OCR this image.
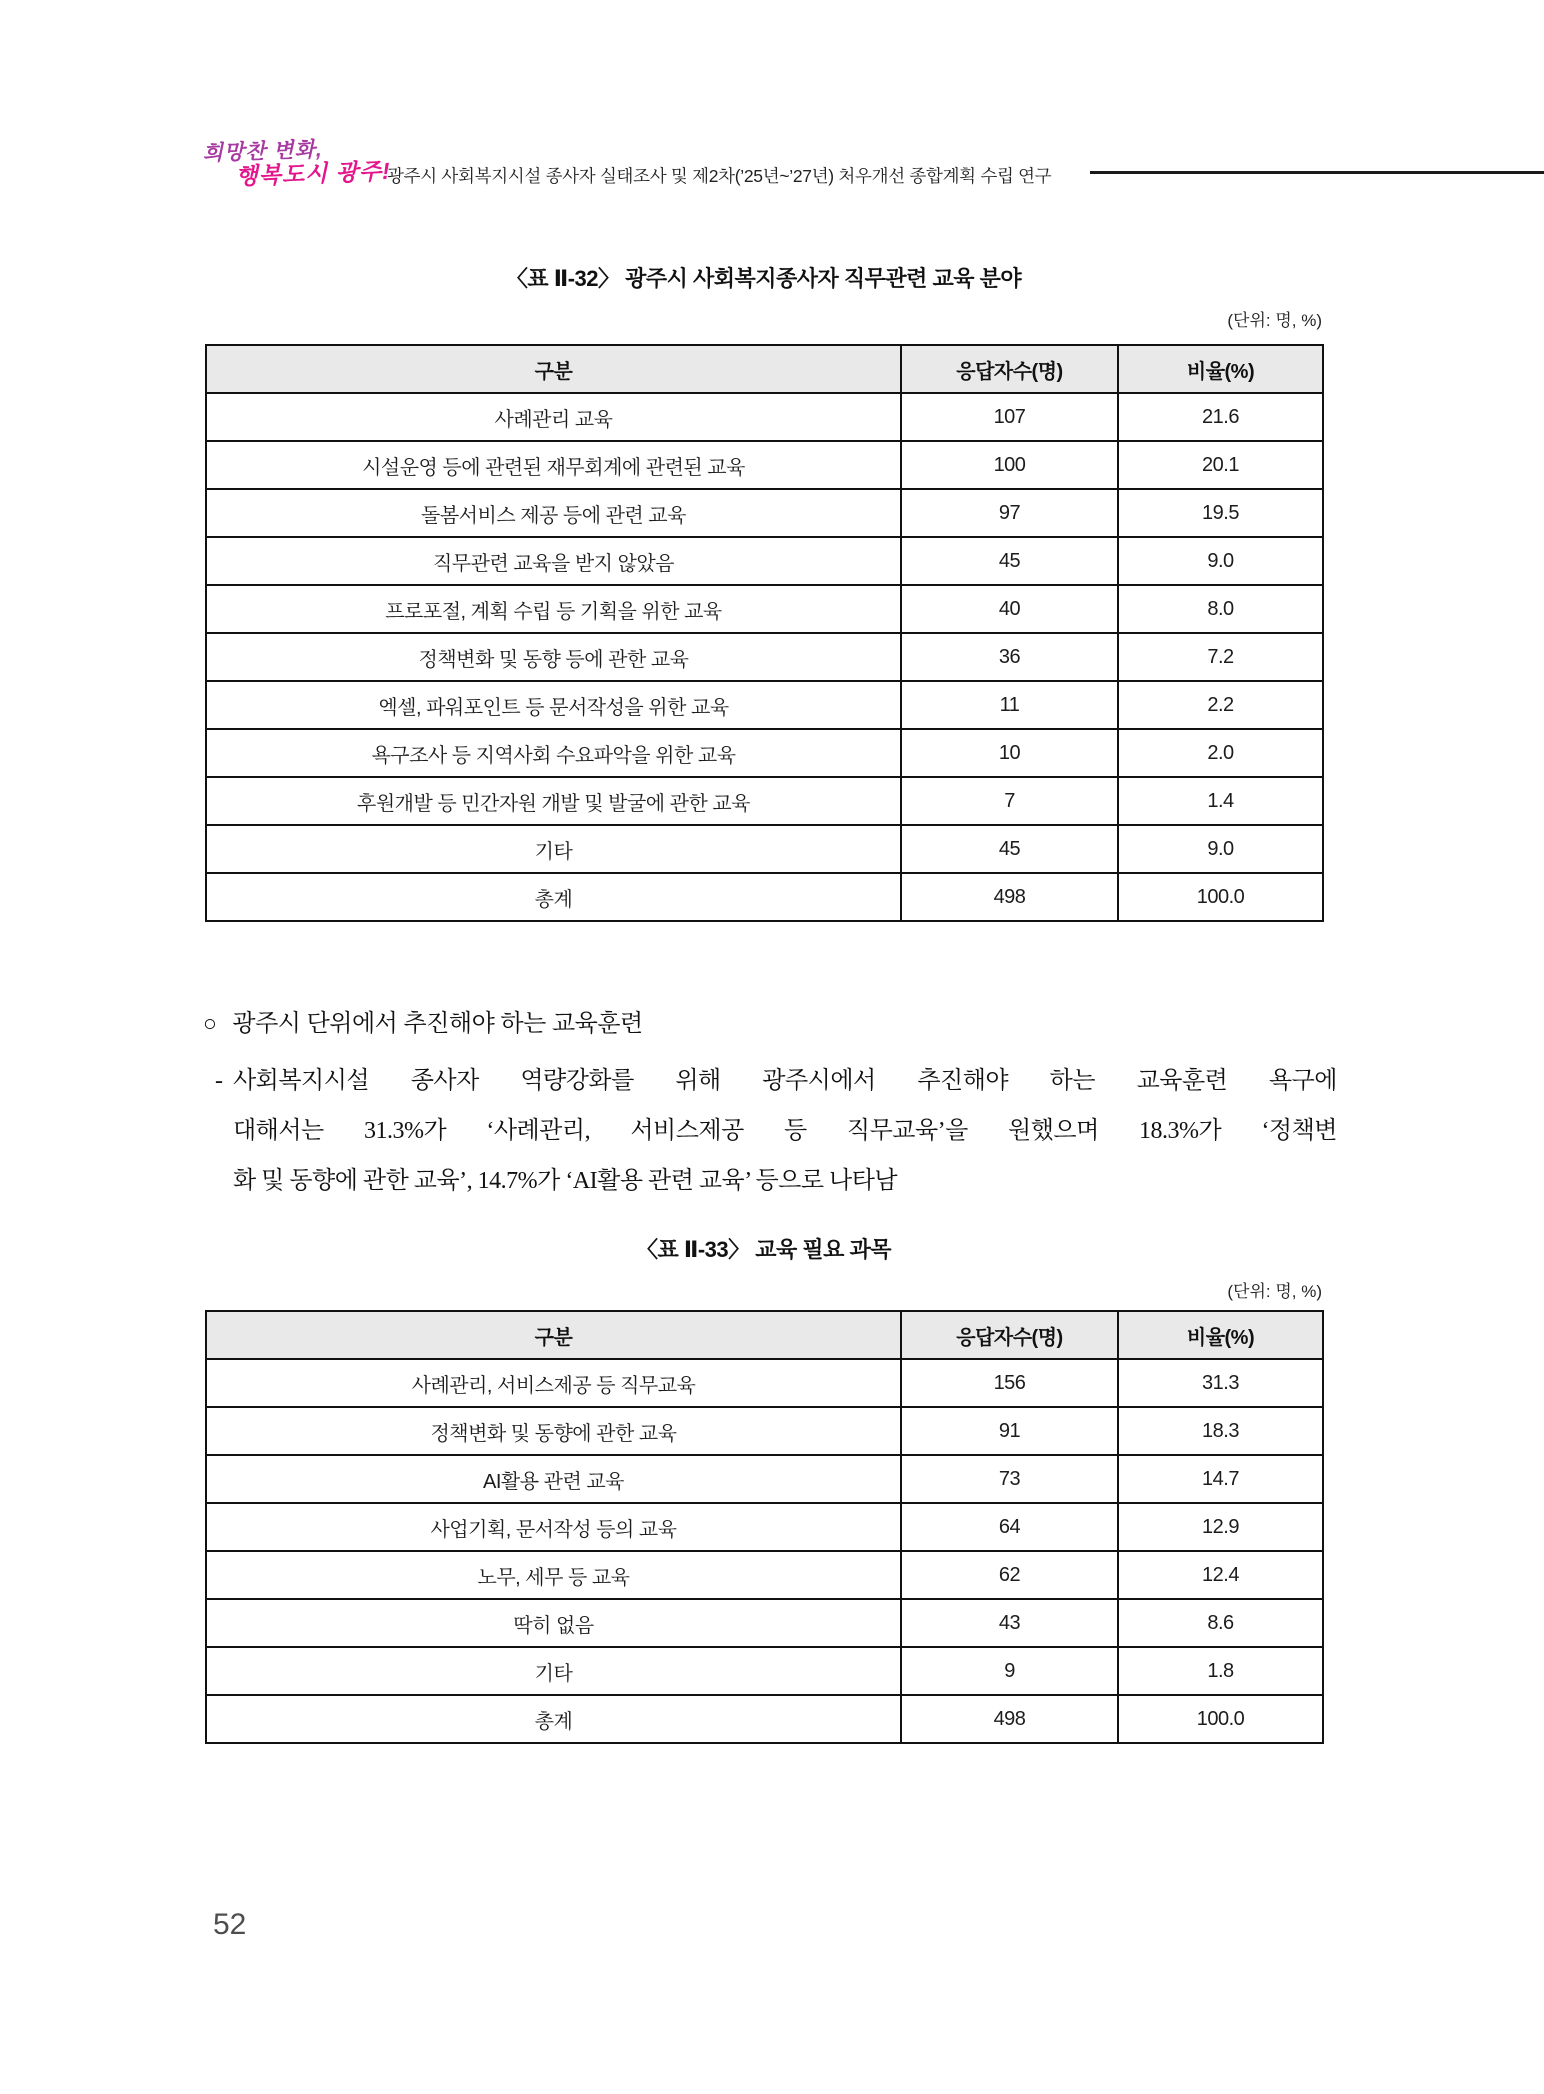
희망찬 변화,
행복도시 광주!
광주시 사회복지시설 종사자 실태조사 및 제2차(’25년~’27년) 처우개선 종합계획 수립 연구
〈표 Ⅱ-32〉 광주시 사회복지종사자 직무관련 교육 분야
(단위: 명, %)
구분	응답자수(명)	비율(%)
사례관리 교육	107	21.6
시설운영 등에 관련된 재무회계에 관련된 교육	100	20.1
돌봄서비스 제공 등에 관련 교육	97	19.5
직무관련 교육을 받지 않았음	45	9.0
프로포절, 계획 수립 등 기획을 위한 교육	40	8.0
정책변화 및 동향 등에 관한 교육	36	7.2
엑셀, 파워포인트 등 문서작성을 위한 교육	11	2.2
욕구조사 등 지역사회 수요파악을 위한 교육	10	2.0
후원개발 등 민간자원 개발 및 발굴에 관한 교육	7	1.4
기타	45	9.0
총계	498	100.0
○ 광주시 단위에서 추진해야 하는 교육훈련
- 사회복지시설 종사자 역량강화를 위해 광주시에서 추진해야 하는 교육훈련 욕구에
대해서는 31.3%가 ‘사례관리, 서비스제공 등 직무교육’을 원했으며 18.3%가 ‘정책변
화 및 동향에 관한 교육’, 14.7%가 ‘AI활용 관련 교육’ 등으로 나타남
〈표 Ⅱ-33〉 교육 필요 과목
(단위: 명, %)
구분	응답자수(명)	비율(%)
사례관리, 서비스제공 등 직무교육	156	31.3
정책변화 및 동향에 관한 교육	91	18.3
AI활용 관련 교육	73	14.7
사업기획, 문서작성 등의 교육	64	12.9
노무, 세무 등 교육	62	12.4
딱히 없음	43	8.6
기타	9	1.8
총계	498	100.0
52
